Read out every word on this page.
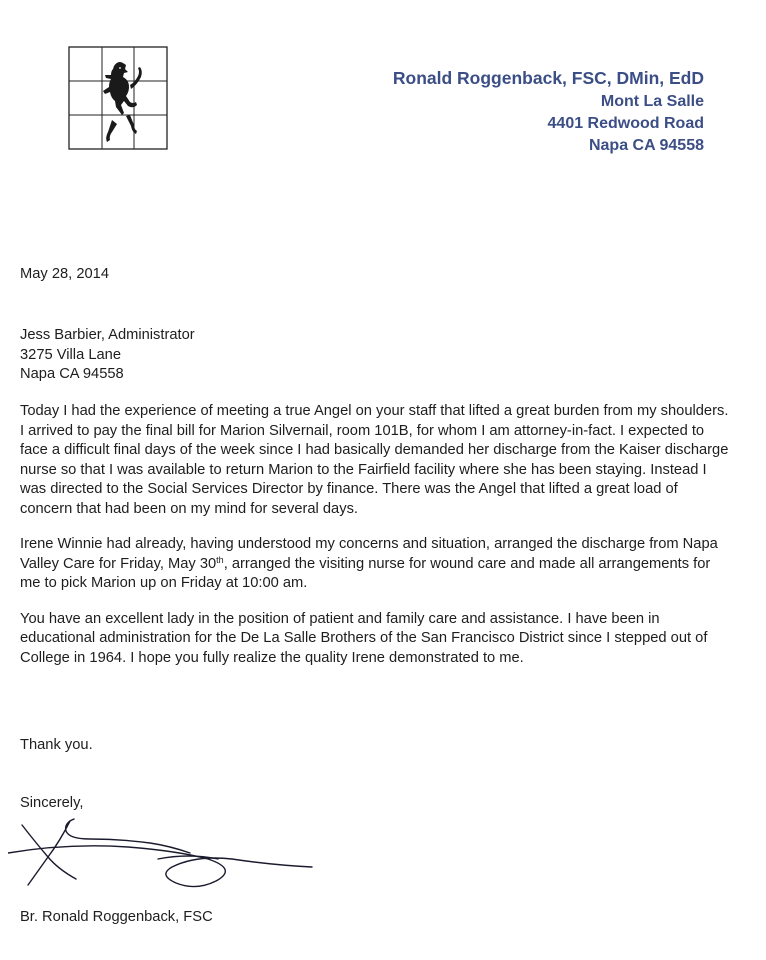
Ronald Roggenback, FSC, DMin, EdD
Mont La Salle
4401 Redwood Road
Napa CA 94558
May 28, 2014
Jess Barbier, Administrator
3275 Villa Lane
Napa CA 94558

Today I had the experience of meeting a true Angel on your staff that lifted a great burden from my shoulders. I arrived to pay the final bill for Marion Silvernail, room 101B, for whom I am attorney-in-fact. I expected to face a difficult final days of the week since I had basically demanded her discharge from the Kaiser discharge nurse so that I was available to return Marion to the Fairfield facility where she has been staying. Instead I was directed to the Social Services Director by finance. There was the Angel that lifted a great load of concern that had been on my mind for several days.

Irene Winnie had already, having understood my concerns and situation, arranged the discharge from Napa Valley Care for Friday, May 30th, arranged the visiting nurse for wound care and made all arrangements for me to pick Marion up on Friday at 10:00 am.

You have an excellent lady in the position of patient and family care and assistance. I have been in educational administration for the De La Salle Brothers of the San Francisco District since I stepped out of College in 1964. I hope you fully realize the quality Irene demonstrated to me.

Thank you.
Sincerely,
Br. Ronald Roggenback, FSC
